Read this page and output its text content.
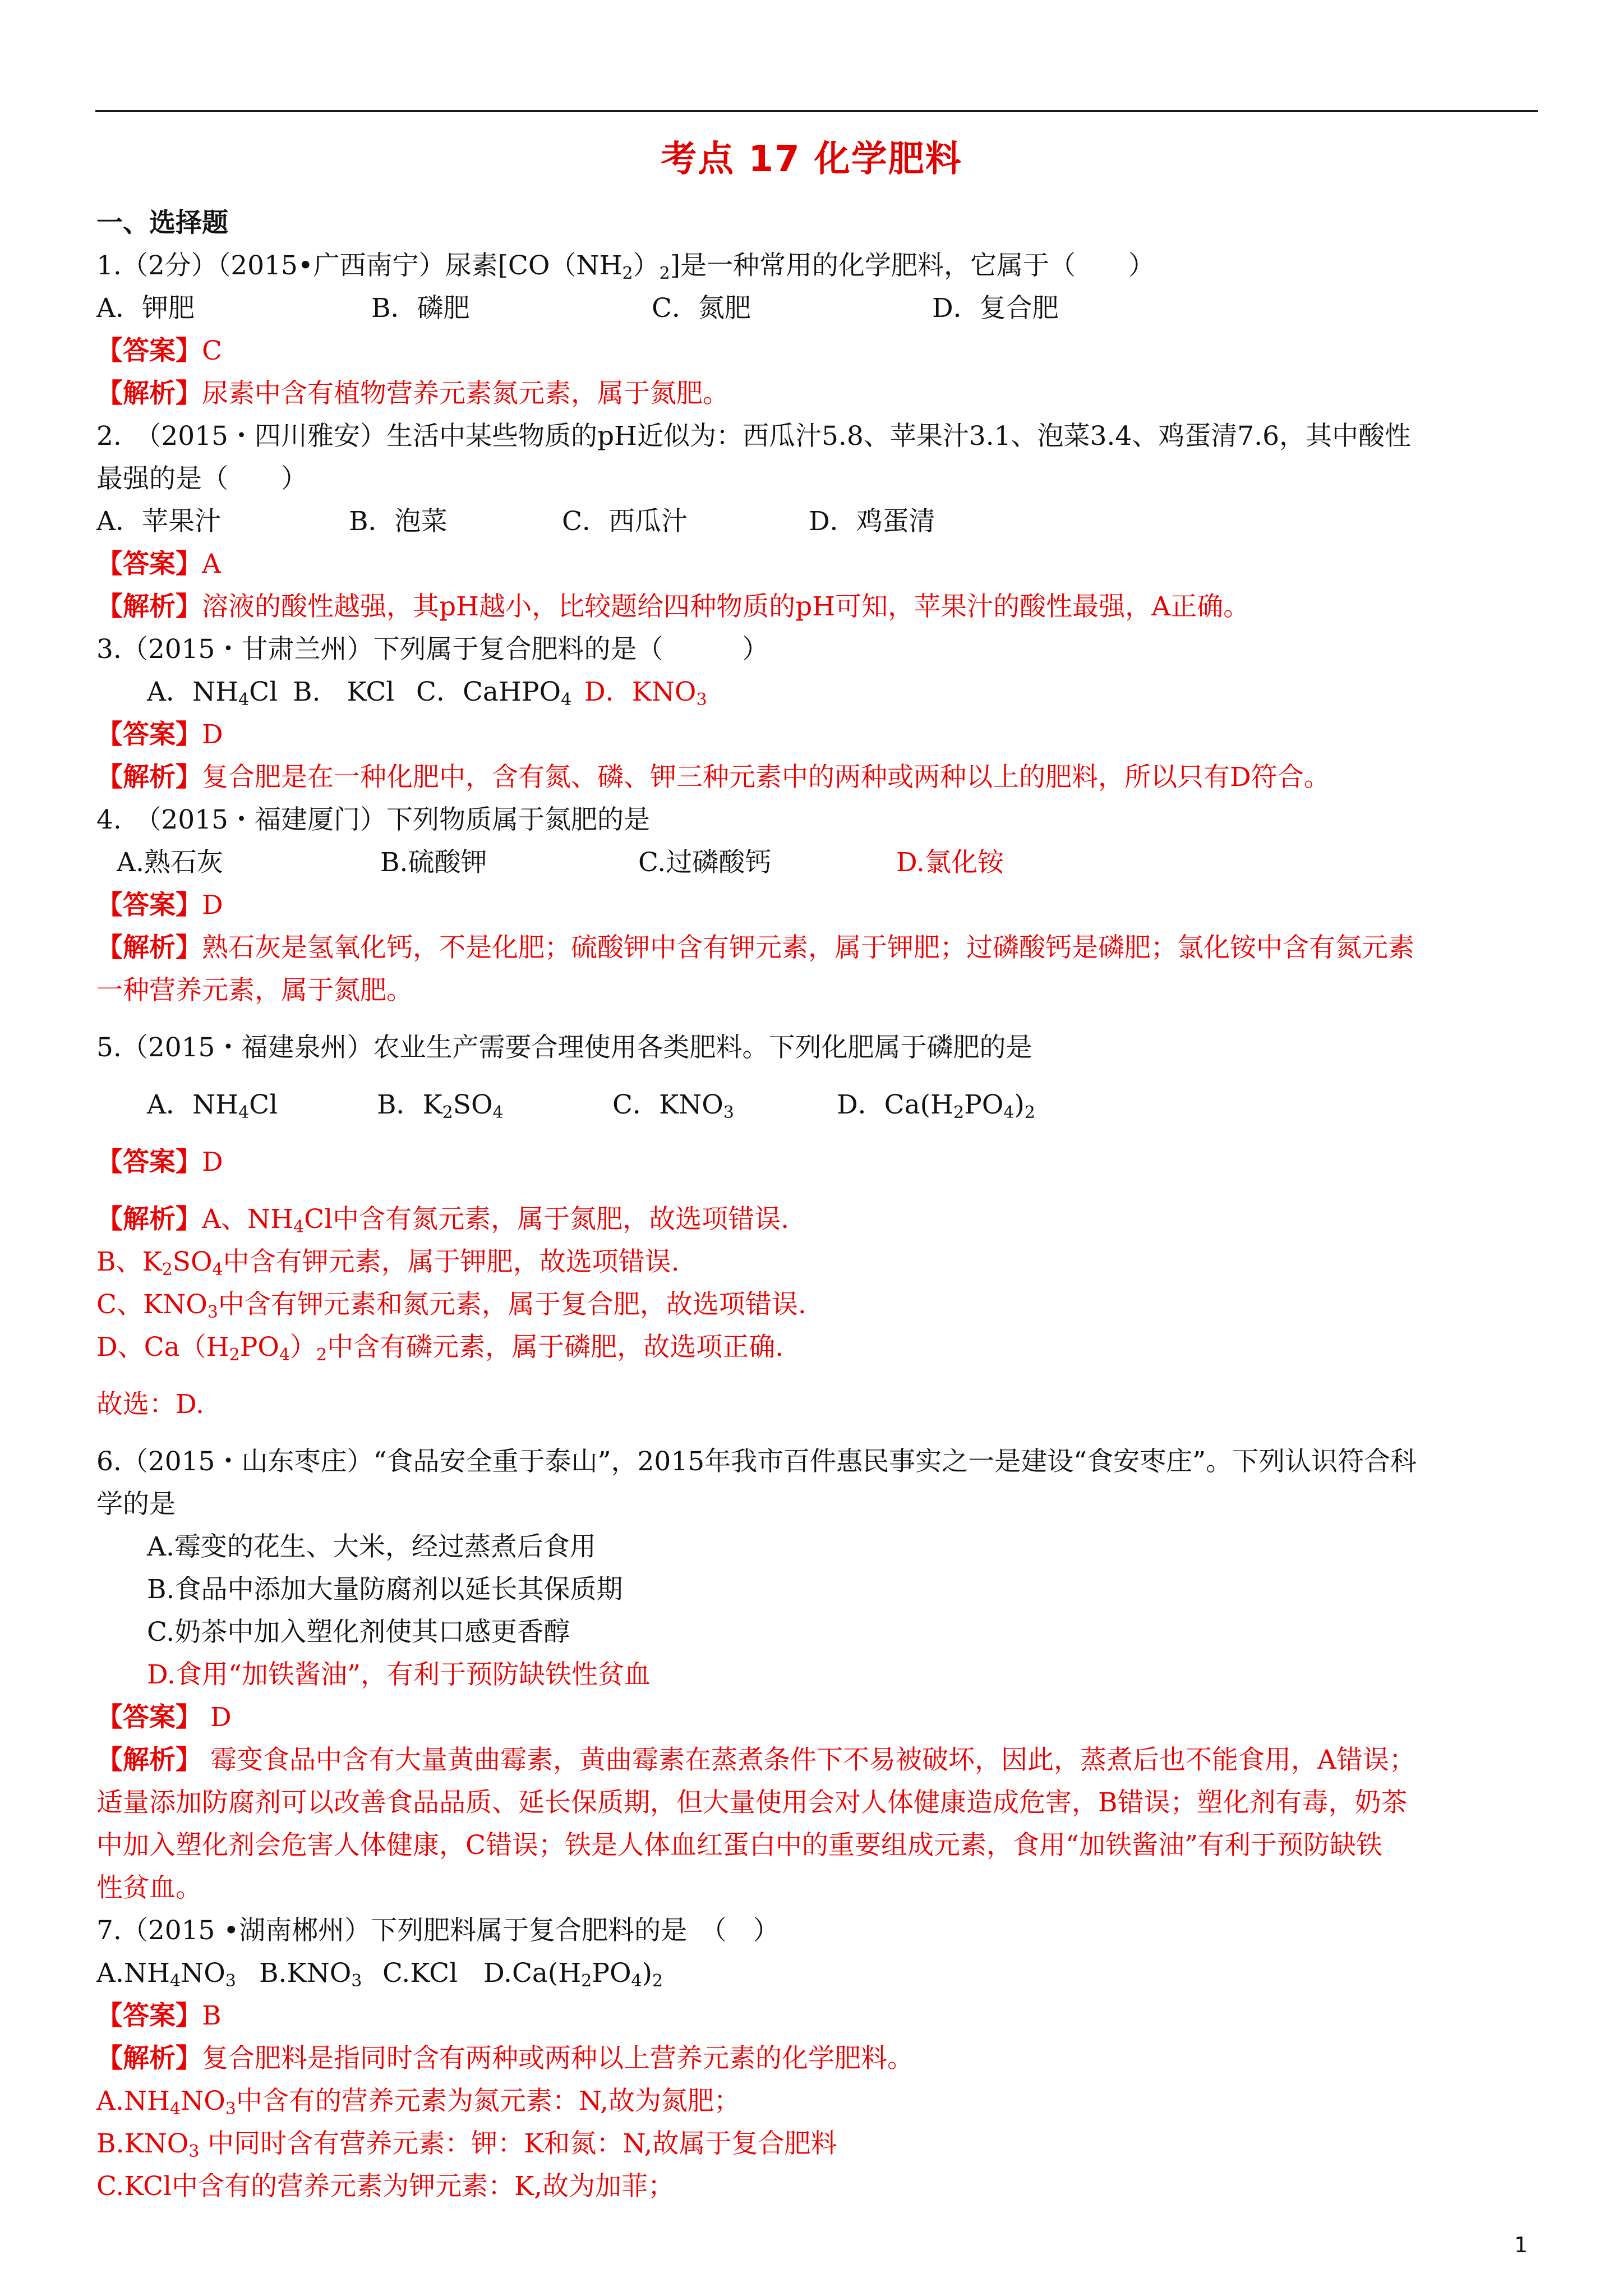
考点 17 化学肥料
一、选择题
1.（2分）（2015•广西南宁）尿素$[CO(NH_2)_2]$是一种常用的化学肥料，它属于（　　）
A．钾肥	B．磷肥	C．氮肥	D．复合肥
【答案】C
【解析】尿素中含有植物营养元素氮元素，属于氮肥。
2.　（2015・四川雅安）生活中某些物质的pH近似为：西瓜汁5.8、苹果汁3.1、泡菜3.4、鸡蛋清7.6，其中酸性
最强的是（　　）
A．苹果汁	B．泡菜	C．西瓜汁	D．鸡蛋清
【答案】A
【解析】溶液的酸性越强，其pH越小，比较题给四种物质的pH可知，苹果汁的酸性最强，A正确。
3.（2015・甘肃兰州）下列属于复合肥料的是（　　　）
A．$NH_4Cl$ B.　KCl C．CaHPO$_4$ D．$KNO_3$
【答案】D
【解析】复合肥是在一种化肥中，含有氮、磷、钾三种元素中的两种或两种以上的肥料，所以只有D符合。
4.　（2015・福建厦门）下列物质属于氮肥的是
A.熟石灰	B.硫酸钾	C.过磷酸钙	D.氯化铵
【答案】D
【解析】熟石灰是氢氧化钙，不是化肥；硫酸钾中含有钾元素，属于钾肥；过磷酸钙是磷肥；氯化铵中含有氮元素
一种营养元素，属于氮肥。
5.（2015・福建泉州）农业生产需要合理使用各类肥料。下列化肥属于磷肥的是
A．$NH_4Cl$	B．$K_2SO_4$	C．$KNO_3$	D．$Ca(H_2PO_4)_2$
【答案】D
【解析】A、$NH_4Cl$中含有氮元素，属于氮肥，故选项错误.
B、$K_2SO_4$中含有钾元素，属于钾肥，故选项错误.
C、$KNO_3$中含有钾元素和氮元素，属于复合肥，故选项错误.
D、$Ca(H_2PO_4)_2$中含有磷元素，属于磷肥，故选项正确.
故选：D.
6.（2015・山东枣庄）“食品安全重于泰山”，2015年我市百件惠民事实之一是建设“食安枣庄”。下列认识符合科
学的是
A.霉变的花生、大米，经过蒸煮后食用
B.食品中添加大量防腐剂以延长其保质期
C.奶茶中加入塑化剂使其口感更香醇
D.食用“加铁酱油”，有利于预防缺铁性贫血
【答案】 D
【解析】 霉变食品中含有大量黄曲霉素，黄曲霉素在蒸煮条件下不易被破坏，因此，蒸煮后也不能食用，A错误；
适量添加防腐剂可以改善食品品质、延长保质期，但大量使用会对人体健康造成危害，B错误；塑化剂有毒，奶茶
中加入塑化剂会危害人体健康，C错误；铁是人体血红蛋白中的重要组成元素，食用“加铁酱油”有利于预防缺铁
性贫血。
7.（2015 •湖南郴州）下列肥料属于复合肥料的是　（　）
$A.NH_4NO_3$ $B.KNO_3$ C.KCl $D.Ca(H_2PO_4)_2$
【答案】B
【解析】复合肥料是指同时含有两种或两种以上营养元素的化学肥料。
$A.NH_4NO_3$中含有的营养元素为氮元素：N,故为氮肥；
$B.KNO_3$ 中同时含有营养元素：钾：K和氮：N,故属于复合肥料
C.KCl中含有的营养元素为钾元素：K,故为加菲；
1
